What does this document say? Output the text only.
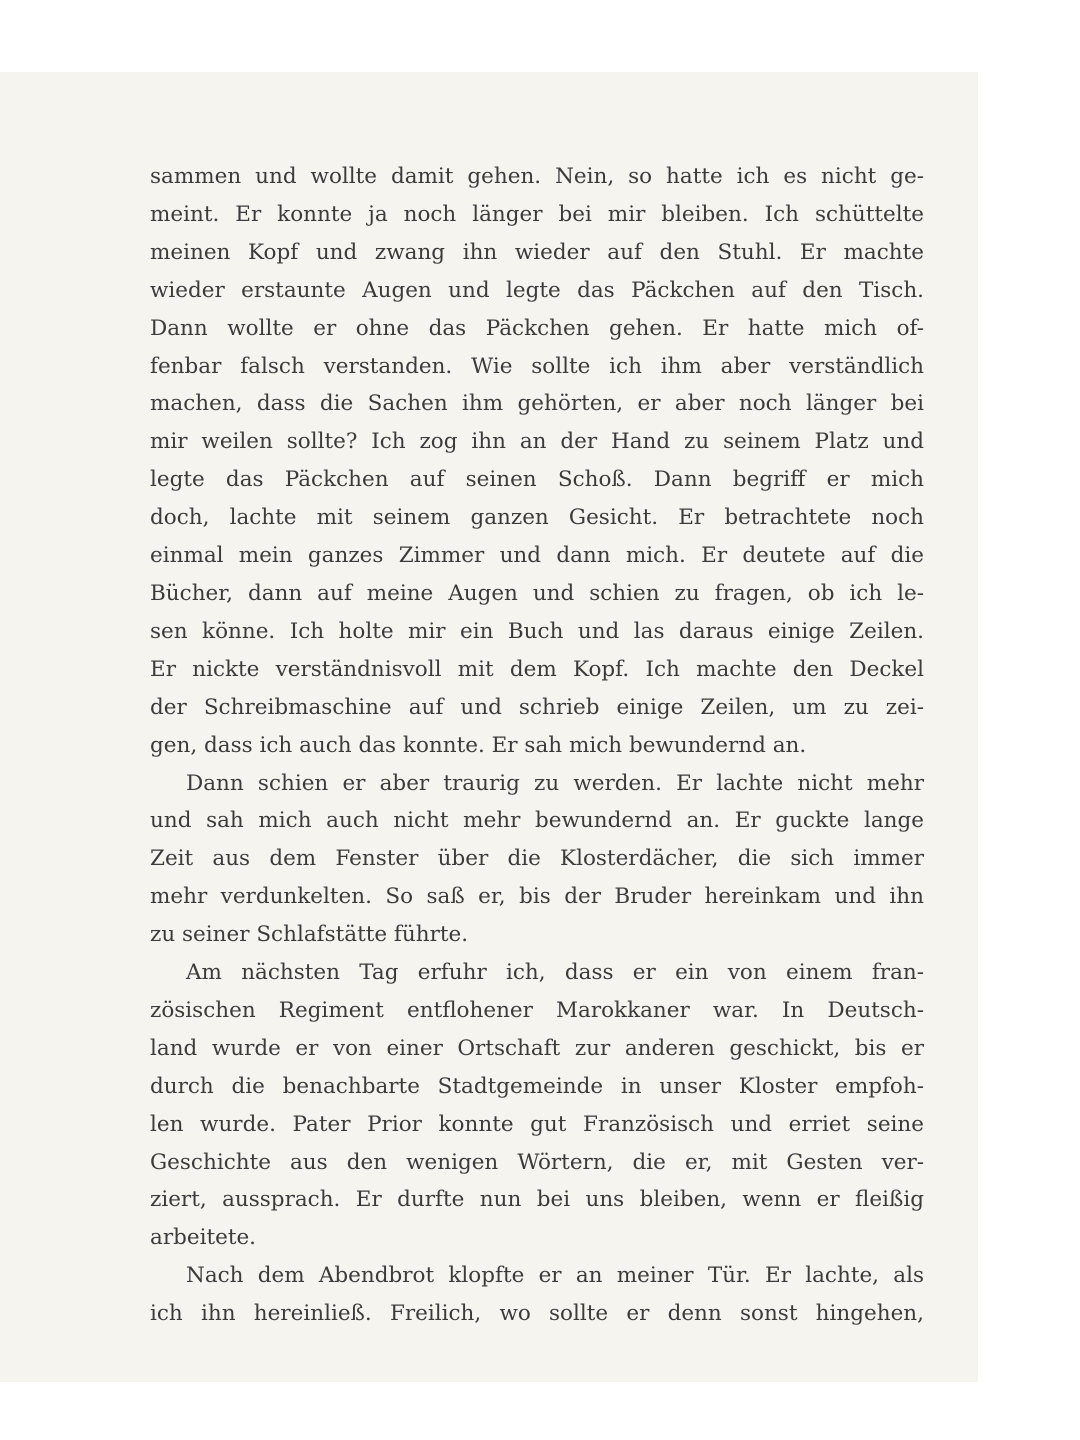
sammen und wollte damit gehen. Nein, so hatte ich es nicht ge-
meint. Er konnte ja noch länger bei mir bleiben. Ich schüttelte
meinen Kopf und zwang ihn wieder auf den Stuhl. Er machte
wieder erstaunte Augen und legte das Päckchen auf den Tisch.
Dann wollte er ohne das Päckchen gehen. Er hatte mich of-
fenbar falsch verstanden. Wie sollte ich ihm aber verständlich
machen, dass die Sachen ihm gehörten, er aber noch länger bei
mir weilen sollte? Ich zog ihn an der Hand zu seinem Platz und
legte das Päckchen auf seinen Schoß. Dann begriff er mich
doch, lachte mit seinem ganzen Gesicht. Er betrachtete noch
einmal mein ganzes Zimmer und dann mich. Er deutete auf die
Bücher, dann auf meine Augen und schien zu fragen, ob ich le-
sen könne. Ich holte mir ein Buch und las daraus einige Zeilen.
Er nickte verständnisvoll mit dem Kopf. Ich machte den Deckel
der Schreibmaschine auf und schrieb einige Zeilen, um zu zei-
gen, dass ich auch das konnte. Er sah mich bewundernd an.
Dann schien er aber traurig zu werden. Er lachte nicht mehr
und sah mich auch nicht mehr bewundernd an. Er guckte lange
Zeit aus dem Fenster über die Klosterdächer, die sich immer
mehr verdunkelten. So saß er, bis der Bruder hereinkam und ihn
zu seiner Schlafstätte führte.
Am nächsten Tag erfuhr ich, dass er ein von einem fran-
zösischen Regiment entflohener Marokkaner war. In Deutsch-
land wurde er von einer Ortschaft zur anderen geschickt, bis er
durch die benachbarte Stadtgemeinde in unser Kloster empfoh-
len wurde. Pater Prior konnte gut Französisch und erriet seine
Geschichte aus den wenigen Wörtern, die er, mit Gesten ver-
ziert, aussprach. Er durfte nun bei uns bleiben, wenn er fleißig
arbeitete.
Nach dem Abendbrot klopfte er an meiner Tür. Er lachte, als
ich ihn hereinließ. Freilich, wo sollte er denn sonst hingehen,
